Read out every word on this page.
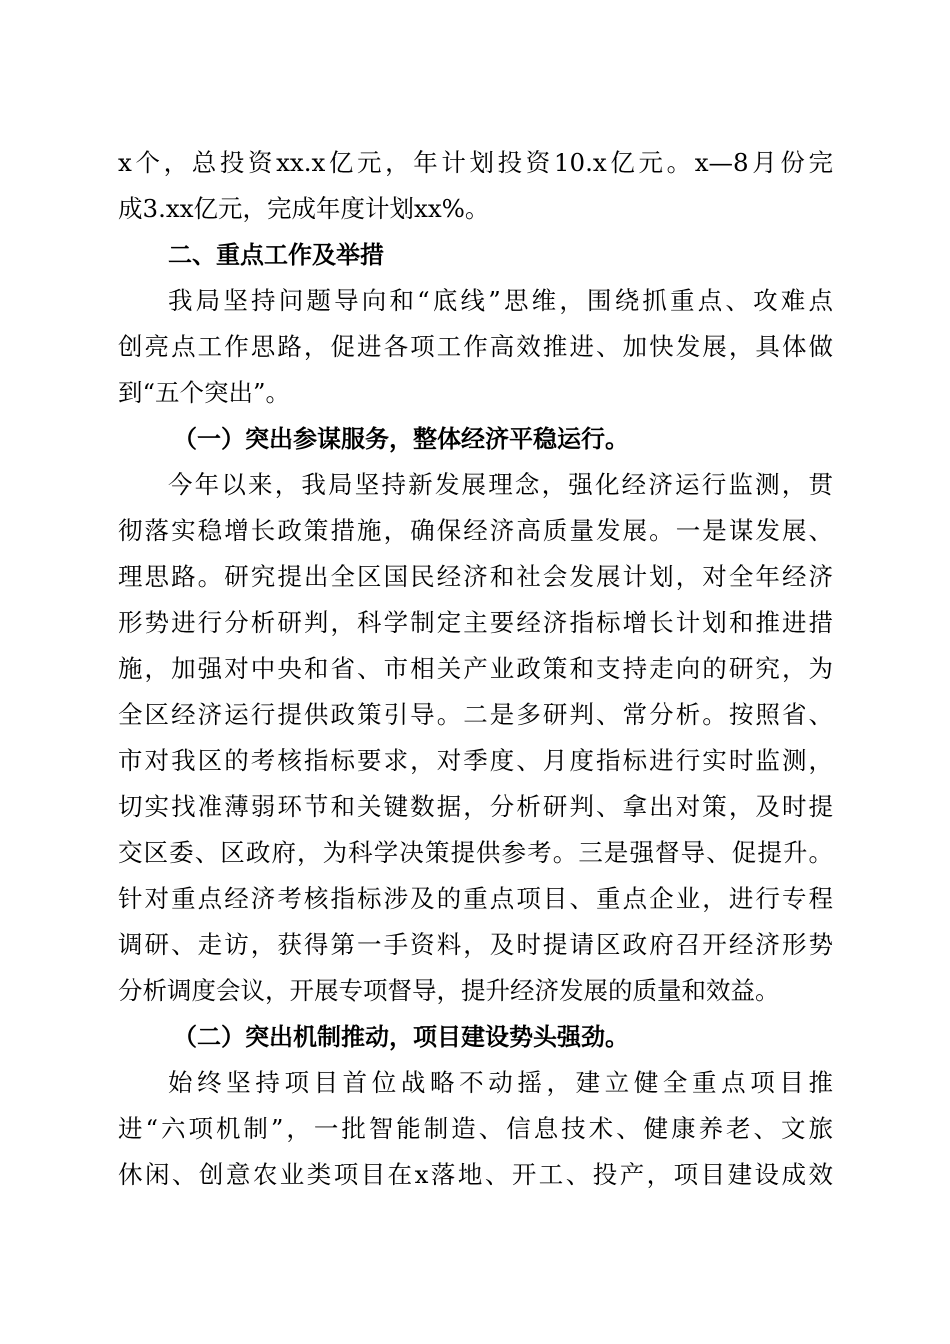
x个，总投资xx.x亿元，年计划投资10.x亿元。x—8月份完
成3.xx亿元，完成年度计划xx%。
二、重点工作及举措
我局坚持问题导向和“底线”思维，围绕抓重点、攻难点
创亮点工作思路，促进各项工作高效推进、加快发展，具体做
到“五个突出”。
（一）突出参谋服务，整体经济平稳运行。
今年以来，我局坚持新发展理念，强化经济运行监测，贯
彻落实稳增长政策措施，确保经济高质量发展。一是谋发展、
理思路。研究提出全区国民经济和社会发展计划，对全年经济
形势进行分析研判，科学制定主要经济指标增长计划和推进措
施，加强对中央和省、市相关产业政策和支持走向的研究，为
全区经济运行提供政策引导。二是多研判、常分析。按照省、
市对我区的考核指标要求，对季度、月度指标进行实时监测，
切实找准薄弱环节和关键数据，分析研判、拿出对策，及时提
交区委、区政府，为科学决策提供参考。三是强督导、促提升。
针对重点经济考核指标涉及的重点项目、重点企业，进行专程
调研、走访，获得第一手资料，及时提请区政府召开经济形势
分析调度会议，开展专项督导，提升经济发展的质量和效益。
（二）突出机制推动，项目建设势头强劲。
始终坚持项目首位战略不动摇，建立健全重点项目推
进“六项机制”，一批智能制造、信息技术、健康养老、文旅
休闲、创意农业类项目在x落地、开工、投产，项目建设成效
